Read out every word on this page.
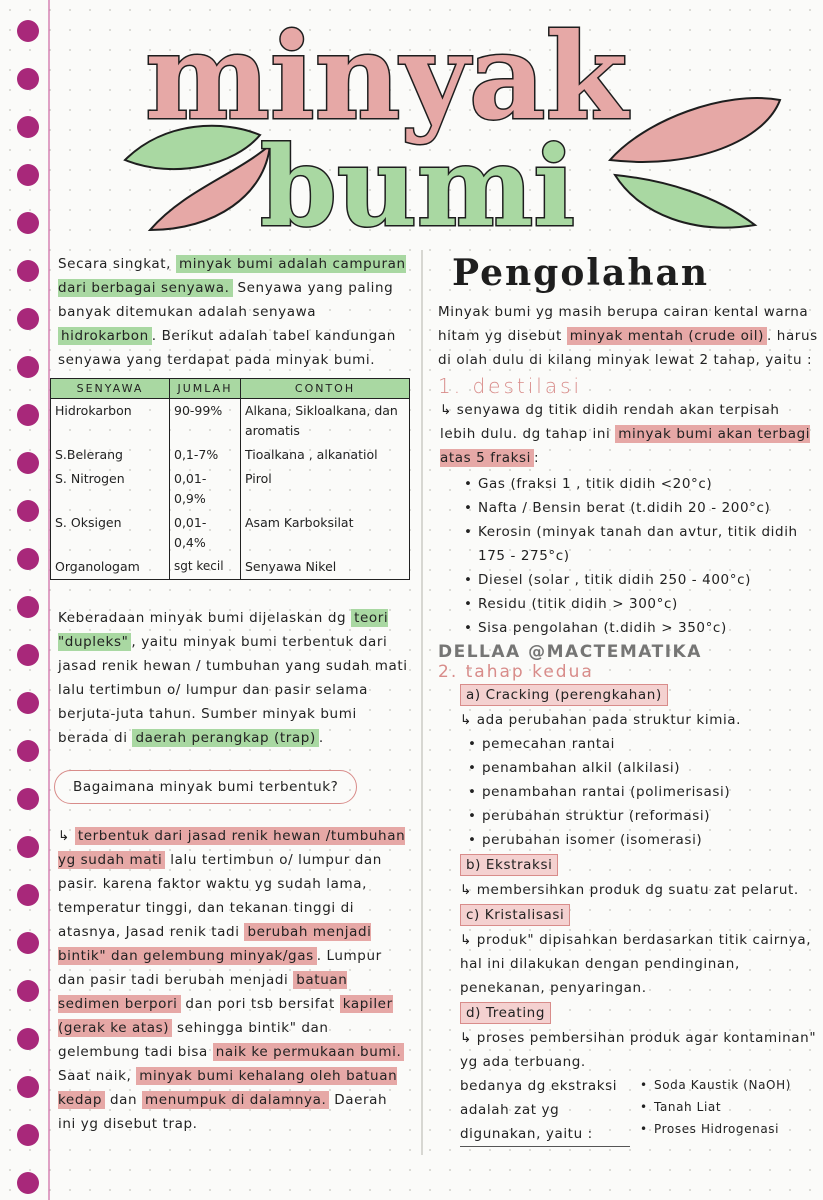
minyak
bumi

Secara singkat, minyak bumi adalah campuran dari berbagai senyawa. Senyawa yang paling banyak ditemukan adalah senyawa hidrokarbon . Berikut adalah tabel kandungan senyawa yang terdapat pada minyak bumi.

SENYAWA	JUMLAH	CONTOH
Hidrokarbon	90-99%	Alkana, Sikloalkana, dan aromatis
S.Belerang	0,1-7%	Tioalkana , alkanatiol
S. Nitrogen	0,01-0,9%	Pirol
S. Oksigen	0,01-0,4%	Asam Karboksilat
Organologam	sgt kecil	Senyawa Nikel

Keberadaan minyak bumi dijelaskan dg teori "dupleks" , yaitu minyak bumi terbentuk dari jasad renik hewan / tumbuhan yang sudah mati lalu tertimbun o/ lumpur dan pasir selama berjuta-juta tahun. Sumber minyak bumi berada di daerah perangkap (trap) .

Bagaimana minyak bumi terbentuk?

↳ terbentuk dari jasad renik hewan /tumbuhan yg sudah mati lalu tertimbun o/ lumpur dan pasir. karena faktor waktu yg sudah lama, temperatur tinggi, dan tekanan tinggi di atasnya, Jasad renik tadi berubah menjadi bintik" dan gelembung minyak/gas . Lumpur dan pasir tadi berubah menjadi batuan sedimen berpori dan pori tsb bersifat kapiler (gerak ke atas) sehingga bintik" dan gelembung tadi bisa naik ke permukaan bumi. Saat naik, minyak bumi kehalang oleh batuan kedap dan menumpuk di dalamnya. Daerah ini yg disebut trap.

Pengolahan

Minyak bumi yg masih berupa cairan kental warna hitam yg disebut minyak mentah (crude oil) . harus di olah dulu di kilang minyak lewat 2 tahap, yaitu :

1. destilasi

↳ senyawa dg titik didih rendah akan terpisah lebih dulu. dg tahap ini minyak bumi akan terbagi atas 5 fraksi :

• Gas (fraksi 1 , titik didih <20°c)
• Nafta / Bensin berat (t.didih 20 - 200°c)
• Kerosin (minyak tanah dan avtur, titik didih 175 - 275°c)
• Diesel (solar , titik didih 250 - 400°c)
• Residu (titik didih > 300°c)
• Sisa pengolahan (t.didih > 350°c)
DELLAA @MACTEMATIKA
2. tahap kedua
a) Cracking (perengkahan)
↳ ada perubahan pada struktur kimia.
• pemecahan rantai
• penambahan alkil (alkilasi)
• penambahan rantai (polimerisasi)
• perubahan struktur (reformasi)
• perubahan isomer (isomerasi)
b) Ekstraksi
↳ membersihkan produk dg suatu zat pelarut.
c) Kristalisasi
↳ produk" dipisahkan berdasarkan titik cairnya, hal ini dilakukan dengan pendinginan, penekanan, penyaringan.
d) Treating
↳ proses pembersihan produk agar kontaminan" yg ada terbuang.
bedanya dg ekstraksi adalah zat yg digunakan, yaitu :
• Soda Kaustik (NaOH)
• Tanah Liat
• Proses Hidrogenasi
